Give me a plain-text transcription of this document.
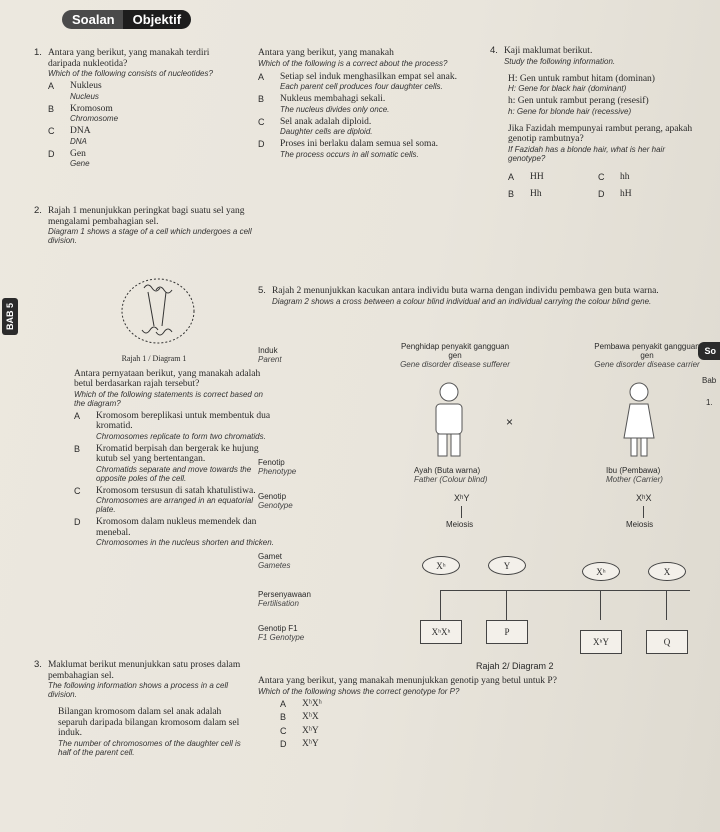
Soalan	Objektif
BAB 5
So
Bab
1.
1. Antara yang berikut, yang manakah terdiri daripada nukleotida?
Which of the following consists of nucleotides?
A	Nukleus
Nucleus
B	Kromosom
Chromosome
C	DNA
DNA
D	Gen
Gene
2. Rajah 1 menunjukkan peringkat bagi suatu sel yang mengalami pembahagian sel.
Diagram 1 shows a stage of a cell which undergoes a cell division.
Rajah 1 / Diagram 1
Antara pernyataan berikut, yang manakah adalah betul berdasarkan rajah tersebut?
Which of the following statements is correct based on the diagram?
A	Kromosom bereplikasi untuk membentuk dua kromatid.
Chromosomes replicate to form two chromatids.
B	Kromatid berpisah dan bergerak ke hujung kutub sel yang bertentangan.
Chromatids separate and move towards the opposite poles of the cell.
C	Kromosom tersusun di satah khatulistiwa.
Chromosomes are arranged in an equatorial plate.
D	Kromosom dalam nukleus memendek dan menebal.
Chromosomes in the nucleus shorten and thicken.
3. Maklumat berikut menunjukkan satu proses dalam pembahagian sel.
The following information shows a process in a cell division.
Bilangan kromosom dalam sel anak adalah separuh daripada bilangan kromosom dalam sel induk.
The number of chromosomes of the daughter cell is half of the parent cell.
Antara yang berikut, yang manakah
Which of the following is a correct about the process?
A	Setiap sel induk menghasilkan empat sel anak.
Each parent cell produces four daughter cells.
B	Nukleus membahagi sekali.
The nucleus divides only once.
C	Sel anak adalah diploid.
Daughter cells are diploid.
D	Proses ini berlaku dalam semua sel soma.
The process occurs in all somatic cells.
4. Kaji maklumat berikut.
Study the following information.
H: Gen untuk rambut hitam (dominan)
H: Gene for black hair (dominant)
h: Gen untuk rambut perang (resesif)
h: Gene for blonde hair (recessive)
Jika Fazidah mempunyai rambut perang, apakah genotip rambutnya?
If Fazidah has a blonde hair, what is her hair genotype?
A	HH	C	hh
B	Hh	D	hH
5. Rajah 2 menunjukkan kacukan antara individu buta warna dengan individu pembawa gen buta warna.
Diagram 2 shows a cross between a colour blind individual and an individual carrying the colour blind gene.
Induk
Parent
Fenotip
Phenotype
Genotip
Genotype
Gamet
Gametes
Persenyawaan
Fertilisation
Genotip F1
F1 Genotype
Penghidap penyakit gangguan gen
Gene disorder disease sufferer
Pembawa penyakit gangguan gen
Gene disorder disease carrier
×
Ayah (Buta warna)
Father (Colour blind)
Ibu (Pembawa)
Mother (Carrier)
XʰY	XʰX
Meiosis	Meiosis
Xʰ	Y
Xʰ	X
XʰXʰ	P
XʰY	Q
Rajah 2/ Diagram 2
Antara yang berikut, yang manakah menunjukkan genotip yang betul untuk P?
Which of the following shows the correct genotype for P?
A	XʰXʰ
B	XʰX
C	XʰY
D	XʰY
